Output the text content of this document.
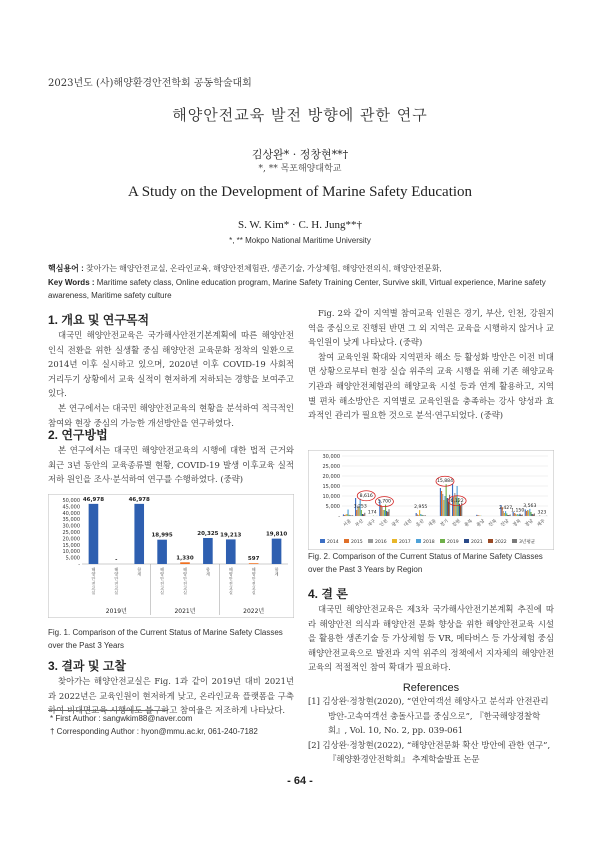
2023년도 (사)해양환경안전학회 공동학술대회
해양안전교육 발전 방향에 관한 연구
김상완* · 정창현**†
*, ** 목포해양대학교
A Study on the Development of Marine Safety Education
S. W. Kim* · C. H. Jung**†
*, ** Mokpo National Maritime University
핵심용어 : 찾아가는 해양안전교실, 온라인교육, 해양안전체험관, 생존기술, 가상체험, 해양안전의식, 해양안전문화,
Key Words : Maritime safety class, Online education program, Marine Safety Training Center, Survive skill, Virtual experience, Marine safety awareness, Maritime safety culture
1. 개요 및 연구목적

대국민 해양안전교육은 국가해사안전기본계획에 따른 해양안전 인식 전환을 위한 실생활 중심 해양안전 교육문화 정착의 일환으로 2014년 이후 실시하고 있으며, 2020년 이후 COVID-19 사회적 거리두기 상황에서 교육 실적이 현저하게 저하되는 경향을 보여주고 있다.

본 연구에서는 대국민 해양안전교육의 현황을 분석하여 적극적인 참여와 현장 중심의 가능한 개선방안을 연구하였다.

2. 연구방법

본 연구에서는 대국민 해양안전교육의 시행에 대한 법적 근거와 최근 3년 동안의 교육종류별 현황, COVID-19 발생 이후교육 실적 저하 원인을 조사·분석하여 연구를 수행하였다. (중략)

50,000
45,000
40,000
35,000
30,000
25,000
20,000
15,000
10,000
5,000
-
46,978
해
양
안
전
교
실
-
해
양
안
전
교
실
46,978
합
계
18,995
해
양
안
전
교
실
1,330
해
양
안
전
교
실
20,325
합
계
19,213
해
양
안
전
교
실
597
해
양
안
전
교
실
19,810
합
계
2019년	2021년	2022년
Fig. 1. Comparison of the Current Status of Marine Safety Classes over the Past 3 Years
3. 결과 및 고찰

찾아가는 해양안전교실은 Fig. 1과 같이 2019년 대비 2021년과 2022년은 교육인원이 현저하게 낮고, 온라인교육 플랫폼을 구축하여 비대면교육 시행에도 불구하고 참여율은 저조하게 나타났다.

* First Author : sangwkim88@naver.com
† Corresponding Author : hyon@mmu.ac.kr, 061-240-7182

Fig. 2와 같이 지역별 참여교육 인원은 경기, 부산, 인천, 강원지역을 중심으로 진행된 반면 그 외 지역은 교육을 시행하지 않거나 교육인원이 낮게 나타났다. (중략)

참여 교육인원 확대와 지역편차 해소 등 활성화 방안은 이전 비대면 상황으로부터 현장 실습 위주의 교육 시행을 위해 기존 해양교육기관과 해양안전체험관의 해양교육 시설 등과 연계 활용하고, 지역별 편차 해소방안은 지역별로 교육인원을 충족하는 강사 양성과 효과적인 관리가 필요한 것으로 분석·연구되었다. (중략)

30,000
25,000
20,000
15,000
10,000
5,000
-
서울 부산 대구 인천 광주 대전 울산 세종 경기 강원 충북 충남 전북 전남 경북 경남 제주
3,253
8,616
174
5,700
2,955
15,884
6,122
2,427
1,150
3,563
323
2014	2015	2016	2017	2018	2019	2021	2022	3년평균
Fig. 2. Comparison of the Current Status of Marine Safety Classes over the Past 3 Years by Region
4. 결 론

대국민 해양안전교육은 제3차 국가해사안전기본계획 추진에 따라 해양안전 의식과 해양안전 문화 향상을 위한 해양안전교육 시설을 활용한 생존기술 등 가상체험 등 VR, 메타버스 등 가상체험 중심 해양안전교육으로 발전과 지역 위주의 정책에서 지자체의 해양안전교육의 적절적인 참여 확대가 필요하다.

References

[1] 김상완·정창현(2020), “연안여객선 해양사고 분석과 안전관리 방안-고속여객선 충돌사고를 중심으로”, 『한국해양경찰학회』, Vol. 10, No. 2, pp. 039-061

[2] 김상완·정창현(2022), “해양안전문화 확산 방안에 관한 연구”, 『해양환경안전학회』 추계학술발표 논문

- 64 -
